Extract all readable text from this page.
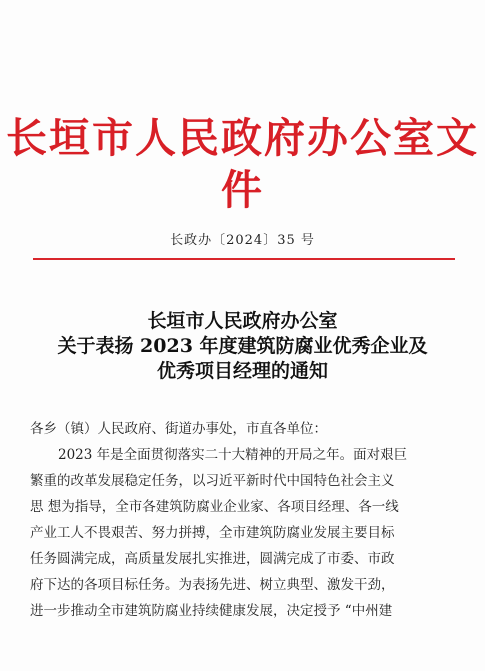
长垣市人民政府办公室文件
长政办〔2024〕35 号
长垣市人民政府办公室
关于表扬 2023 年度建筑防腐业优秀企业及
优秀项目经理的通知
各乡（镇）人民政府、街道办事处，市直各单位：
2023 年是全面贯彻落实二十大精神的开局之年。面对艰巨
繁重的改革发展稳定任务，以习近平新时代中国特色社会主义
思 想为指导，全市各建筑防腐业企业家、各项目经理、各一线
产业工人不畏艰苦、努力拼搏，全市建筑防腐业发展主要目标
任务圆满完成，高质量发展扎实推进，圆满完成了市委、市政
府下达的各项目标任务。为表扬先进、树立典型、激发干劲，
进一步推动全市建筑防腐业持续健康发展，决定授予 “中州建
